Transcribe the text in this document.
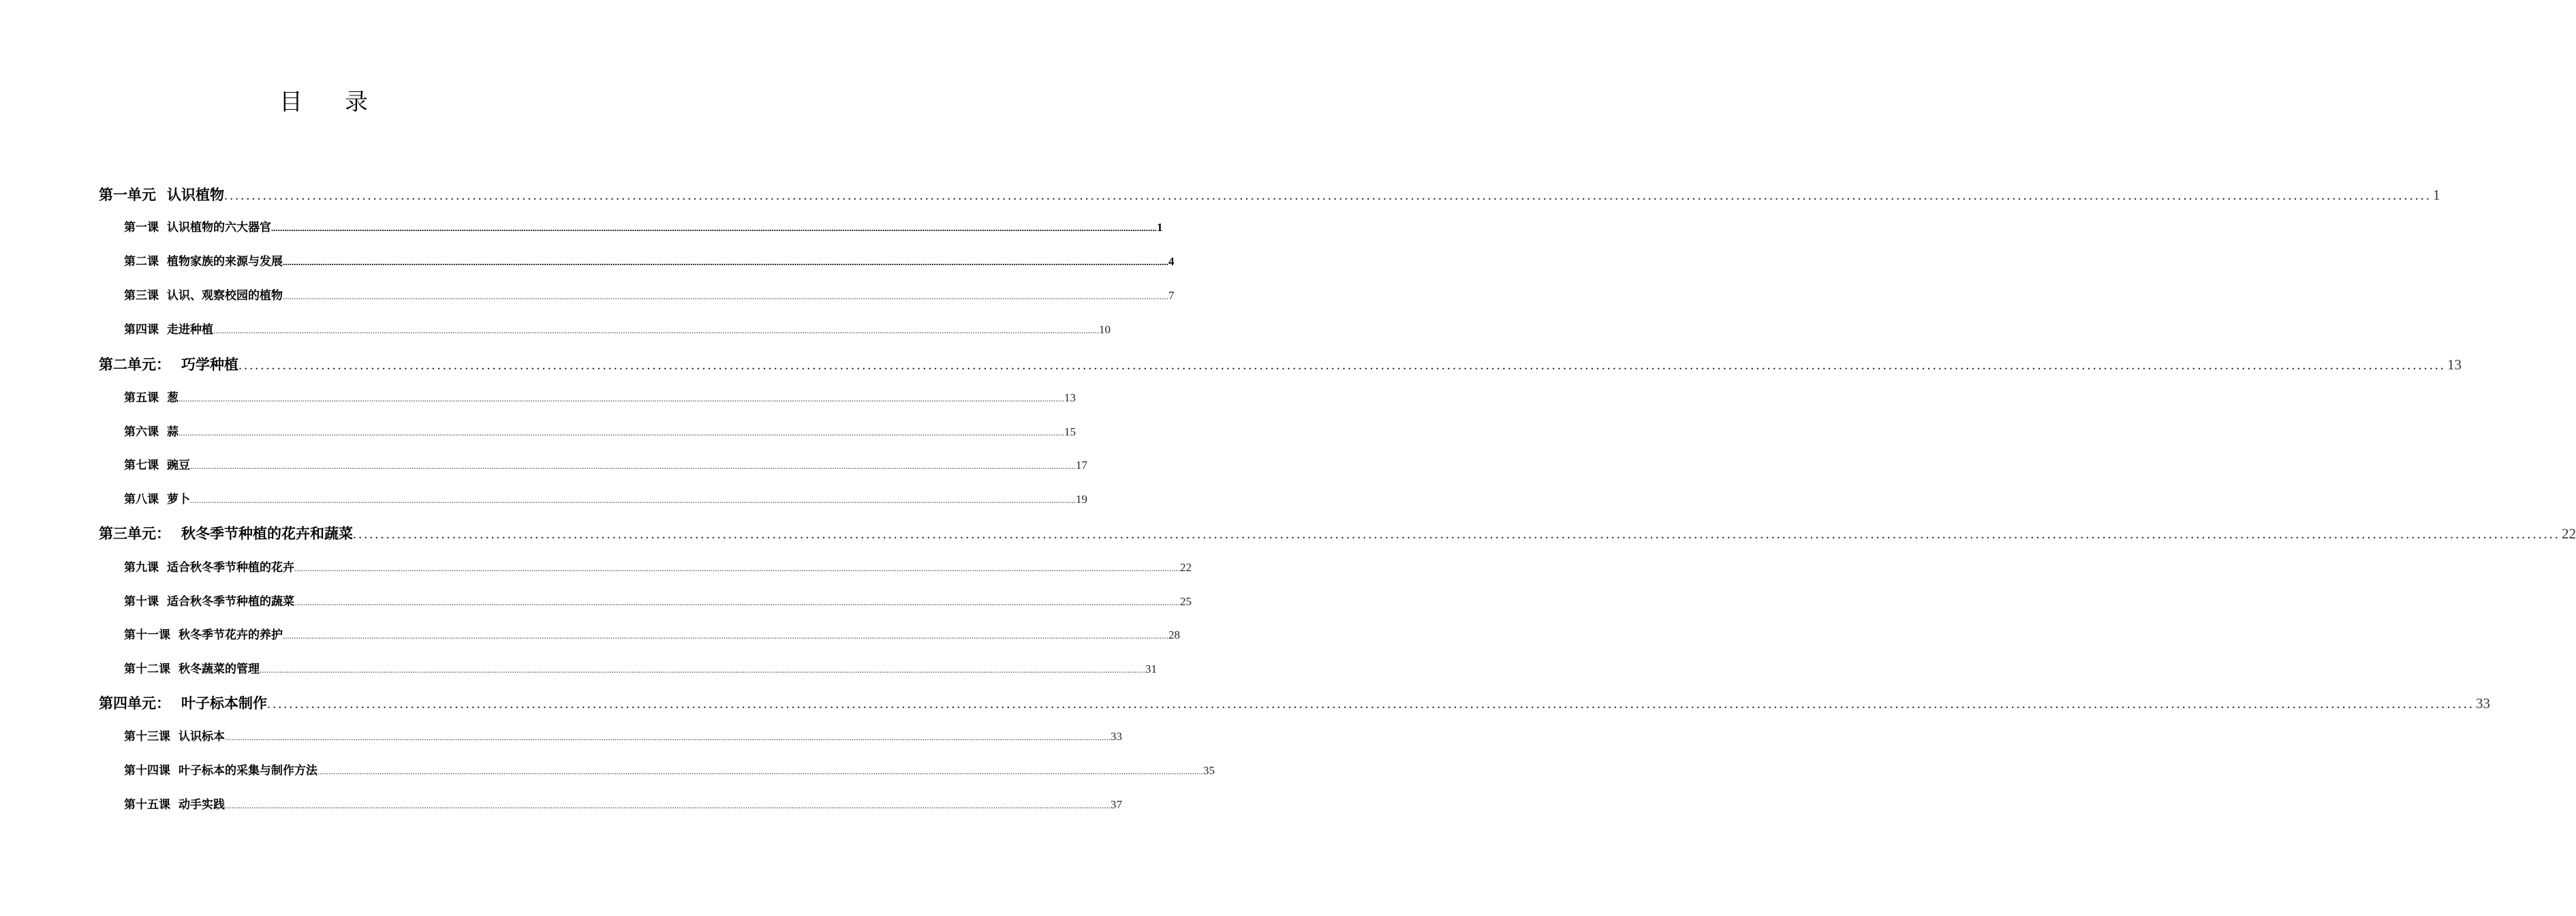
目录
第一单元 认识植物 ................................................................................................................................................................................................................................................................................................................................................................................................................ 1
第一课 认识植物的六大器官 ................................................................................................................................................................................................................................................................................................................................................................................................................ 1
第二课 植物家族的来源与发展 ................................................................................................................................................................................................................................................................................................................................................................................................................ 4
第三课 认识、观察校园的植物 ................................................................................................................................................................................................................................................................................................................................................................................................................ 7
第四课 走进种植 ................................................................................................................................................................................................................................................................................................................................................................................................................ 10
第二单元： 巧学种植 ................................................................................................................................................................................................................................................................................................................................................................................................................ 13
第五课 葱 ................................................................................................................................................................................................................................................................................................................................................................................................................ 13
第六课 蒜 ................................................................................................................................................................................................................................................................................................................................................................................................................ 15
第七课 豌豆 ................................................................................................................................................................................................................................................................................................................................................................................................................ 17
第八课 萝卜 ................................................................................................................................................................................................................................................................................................................................................................................................................ 19
第三单元： 秋冬季节种植的花卉和蔬菜 ................................................................................................................................................................................................................................................................................................................................................................................................................ 22
第九课 适合秋冬季节种植的花卉 ................................................................................................................................................................................................................................................................................................................................................................................................................ 22
第十课 适合秋冬季节种植的蔬菜 ................................................................................................................................................................................................................................................................................................................................................................................................................ 25
第十一课 秋冬季节花卉的养护 ................................................................................................................................................................................................................................................................................................................................................................................................................ 28
第十二课 秋冬蔬菜的管理 ................................................................................................................................................................................................................................................................................................................................................................................................................ 31
第四单元： 叶子标本制作 ................................................................................................................................................................................................................................................................................................................................................................................................................ 33
第十三课 认识标本 ................................................................................................................................................................................................................................................................................................................................................................................................................ 33
第十四课 叶子标本的采集与制作方法 ................................................................................................................................................................................................................................................................................................................................................................................................................ 35
第十五课 动手实践 ................................................................................................................................................................................................................................................................................................................................................................................................................ 37
